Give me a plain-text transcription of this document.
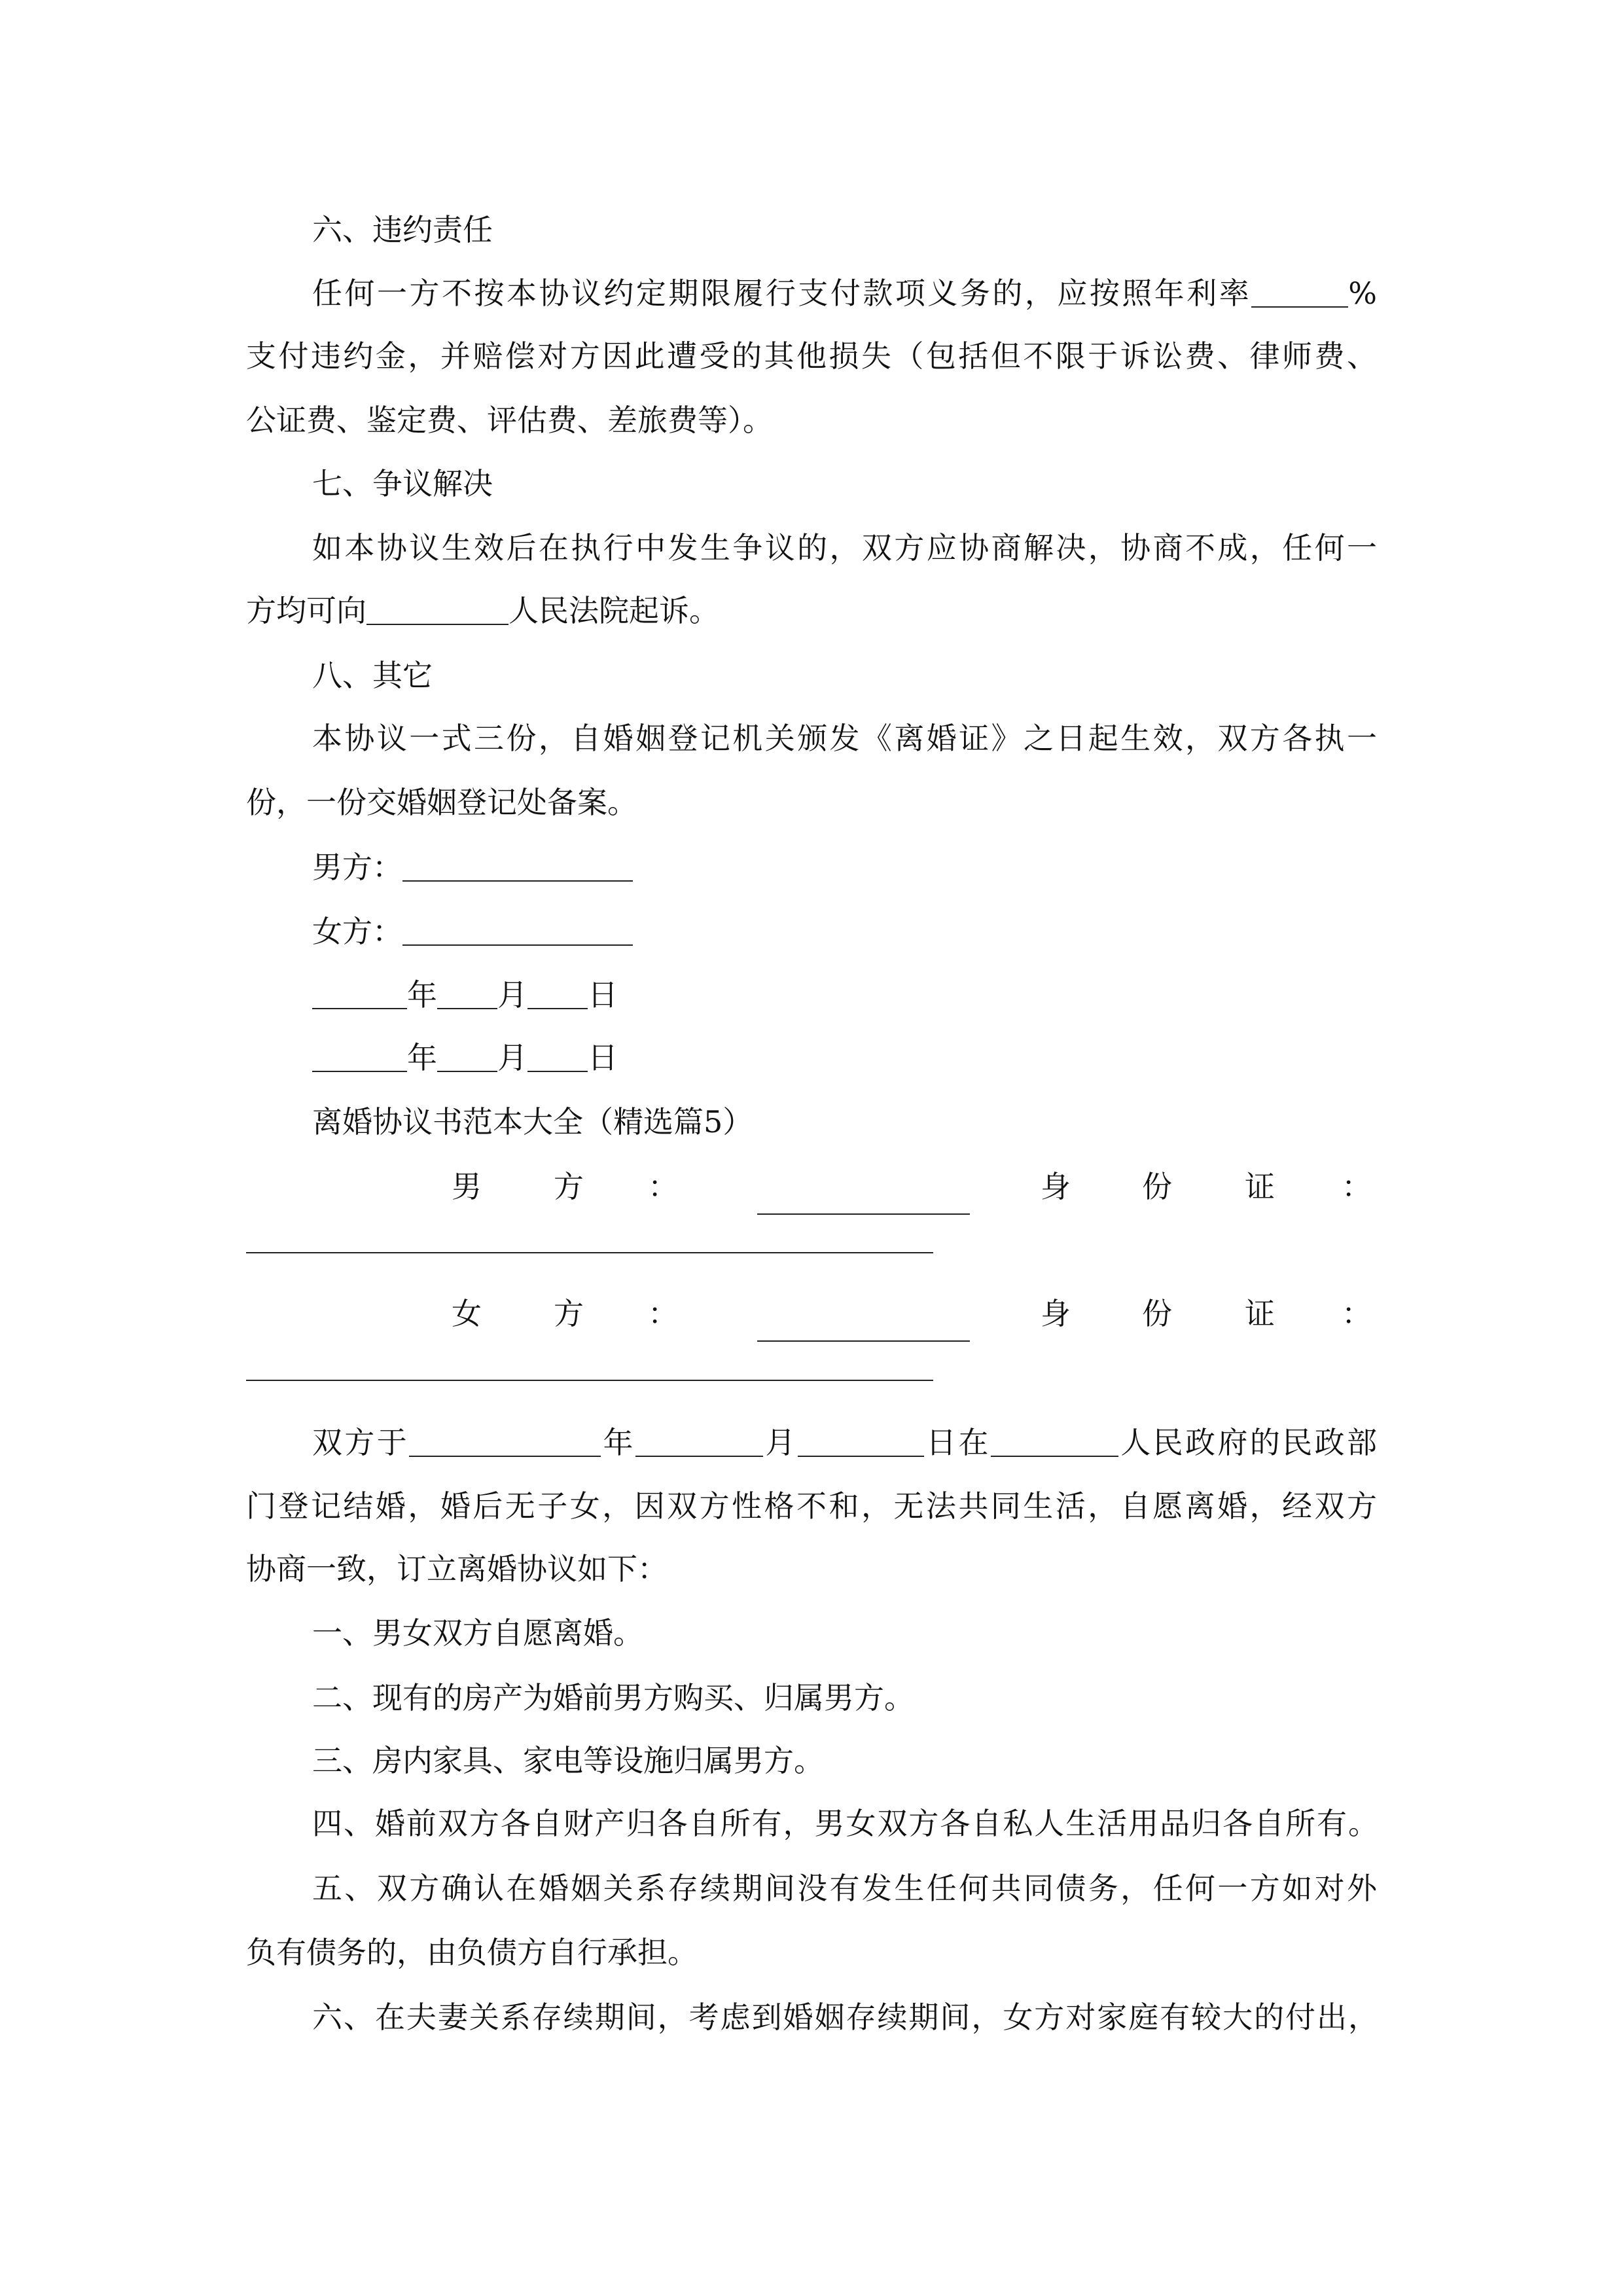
六、违约责任
任何一方不按本协议约定期限履行支付款项义务的，应按照年利率	%
支付违约金，并赔偿对方因此遭受的其他损失（包括但不限于诉讼费、律师费、
公证费、鉴定费、评估费、差旅费等）。
七、争议解决
如本协议生效后在执行中发生争议的，双方应协商解决，协商不成，任何一
方均可向	人民法院起诉。
八、其它
本协议一式三份，自婚姻登记机关颁发《离婚证》之日起生效，双方各执一
份，一份交婚姻登记处备案。
男方：
女方：
年 月 日
年 月 日
离婚协议书范本大全（精选篇5）
男 方 ：	身 份 证 ：
女 方 ：	身 份 证 ：
双方于	年	月	日在	人民政府的民政部
门登记结婚，婚后无子女，因双方性格不和，无法共同生活，自愿离婚，经双方
协商一致，订立离婚协议如下：
一、男女双方自愿离婚。
二、现有的房产为婚前男方购买、归属男方。
三、房内家具、家电等设施归属男方。
四、婚前双方各自财产归各自所有，男女双方各自私人生活用品归各自所有。
五、双方确认在婚姻关系存续期间没有发生任何共同债务，任何一方如对外
负有债务的，由负债方自行承担。
六、在夫妻关系存续期间，考虑到婚姻存续期间，女方对家庭有较大的付出，
